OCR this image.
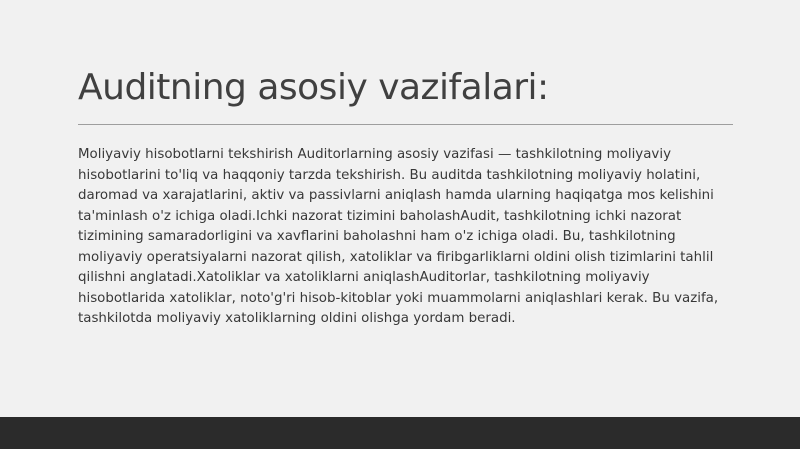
Auditning asosiy vazifalari:

Moliyaviy hisobotlarni tekshirish Auditorlarning asosiy vazifasi — tashkilotning moliyaviy hisobotlarini to'liq va haqqoniy tarzda tekshirish. Bu auditda tashkilotning moliyaviy holatini, daromad va xarajatlarini, aktiv va passivlarni aniqlash hamda ularning haqiqatga mos kelishini ta'minlash o'z ichiga oladi.Ichki nazorat tizimini baholashAudit, tashkilotning ichki nazorat tizimining samaradorligini va xavflarini baholashni ham o'z ichiga oladi. Bu, tashkilotning moliyaviy operatsiyalarni nazorat qilish, xatoliklar va firibgarliklarni oldini olish tizimlarini tahlil qilishni anglatadi.Xatoliklar va xatoliklarni aniqlashAuditorlar, tashkilotning moliyaviy hisobotlarida xatoliklar, noto'g'ri hisob-kitoblar yoki muammolarni aniqlashlari kerak. Bu vazifa, tashkilotda moliyaviy xatoliklarning oldini olishga yordam beradi.
